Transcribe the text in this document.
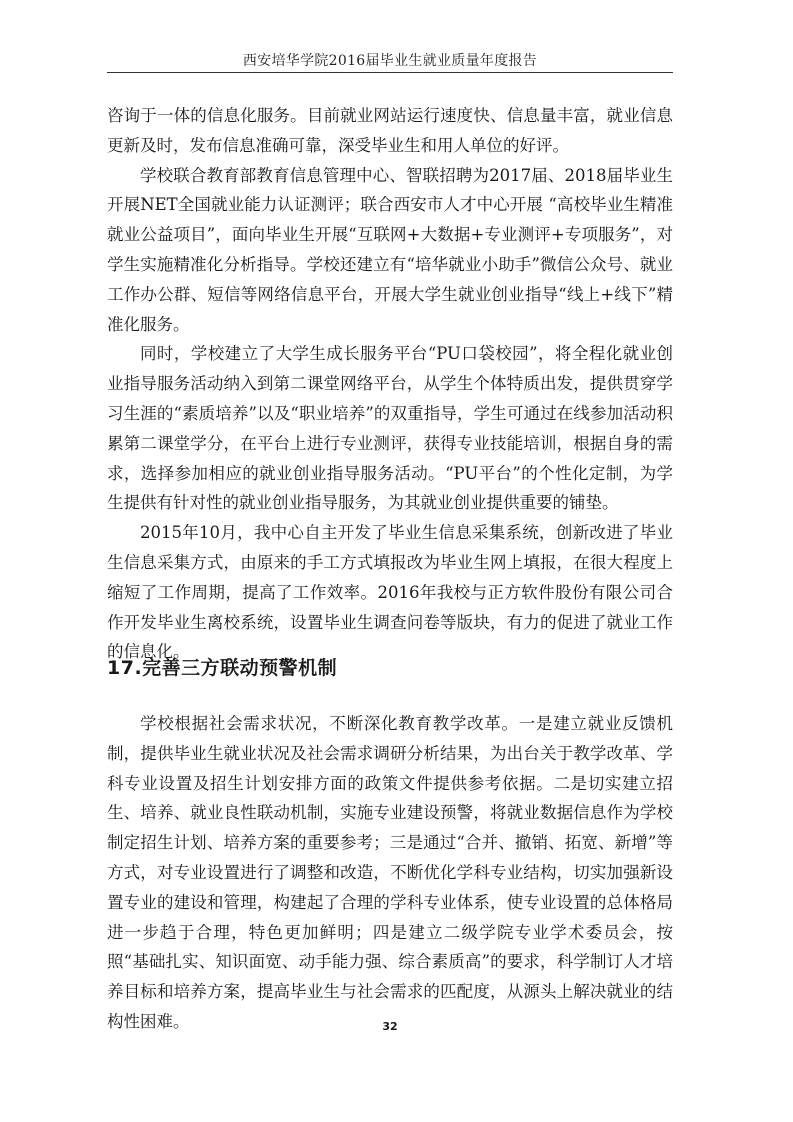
西安培华学院2016届毕业生就业质量年度报告

咨询于一体的信息化服务。目前就业网站运行速度快、信息量丰富，就业信息更新及时，发布信息准确可靠，深受毕业生和用人单位的好评。

学校联合教育部教育信息管理中心、智联招聘为2017届、2018届毕业生开展NET全国就业能力认证测评；联合西安市人才中心开展 “高校毕业生精准就业公益项目”，面向毕业生开展“互联网+大数据+专业测评+专项服务”，对学生实施精准化分析指导。学校还建立有“培华就业小助手”微信公众号、就业工作办公群、短信等网络信息平台，开展大学生就业创业指导“线上+线下”精准化服务。

同时，学校建立了大学生成长服务平台“PU口袋校园”，将全程化就业创业指导服务活动纳入到第二课堂网络平台，从学生个体特质出发，提供贯穿学习生涯的“素质培养”以及“职业培养”的双重指导，学生可通过在线参加活动积累第二课堂学分，在平台上进行专业测评，获得专业技能培训，根据自身的需求，选择参加相应的就业创业指导服务活动。“PU平台”的个性化定制，为学生提供有针对性的就业创业指导服务，为其就业创业提供重要的铺垫。

2015年10月，我中心自主开发了毕业生信息采集系统，创新改进了毕业生信息采集方式，由原来的手工方式填报改为毕业生网上填报，在很大程度上缩短了工作周期，提高了工作效率。2016年我校与正方软件股份有限公司合作开发毕业生离校系统，设置毕业生调查问卷等版块，有力的促进了就业工作的信息化。

17.完善三方联动预警机制

学校根据社会需求状况，不断深化教育教学改革。一是建立就业反馈机制，提供毕业生就业状况及社会需求调研分析结果，为出台关于教学改革、学科专业设置及招生计划安排方面的政策文件提供参考依据。二是切实建立招生、培养、就业良性联动机制，实施专业建设预警，将就业数据信息作为学校制定招生计划、培养方案的重要参考；三是通过“合并、撤销、拓宽、新增”等方式，对专业设置进行了调整和改造，不断优化学科专业结构，切实加强新设置专业的建设和管理，构建起了合理的学科专业体系，使专业设置的总体格局进一步趋于合理，特色更加鲜明；四是建立二级学院专业学术委员会，按照“基础扎实、知识面宽、动手能力强、综合素质高”的要求，科学制订人才培养目标和培养方案，提高毕业生与社会需求的匹配度，从源头上解决就业的结构性困难。	32
